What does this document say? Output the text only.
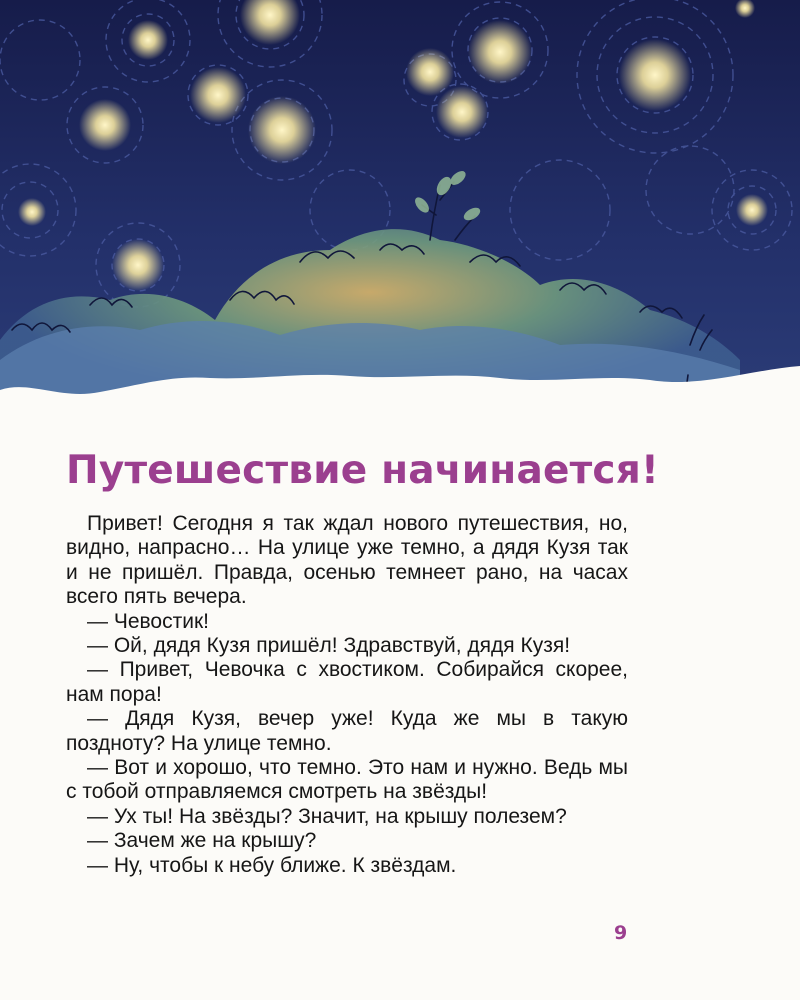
Путешествие начинается!

Привет! Сегодня я так ждал нового путешествия, но, видно, напрасно… На улице уже темно, а дядя Кузя так и не пришёл. Правда, осенью темнеет рано, на часах всего пять вечера.

— Чевостик!

— Ой, дядя Кузя пришёл! Здравствуй, дядя Кузя!

— Привет, Чевочка с хвостиком. Собирайся скорее, нам пора!

— Дядя Кузя, вечер уже! Куда же мы в такую поздноту? На улице темно.

— Вот и хорошо, что темно. Это нам и нужно. Ведь мы с тобой отправляемся смотреть на звёзды!

— Ух ты! На звёзды? Значит, на крышу полезем?

— Зачем же на крышу?

— Ну, чтобы к небу ближе. К звёздам.

9
